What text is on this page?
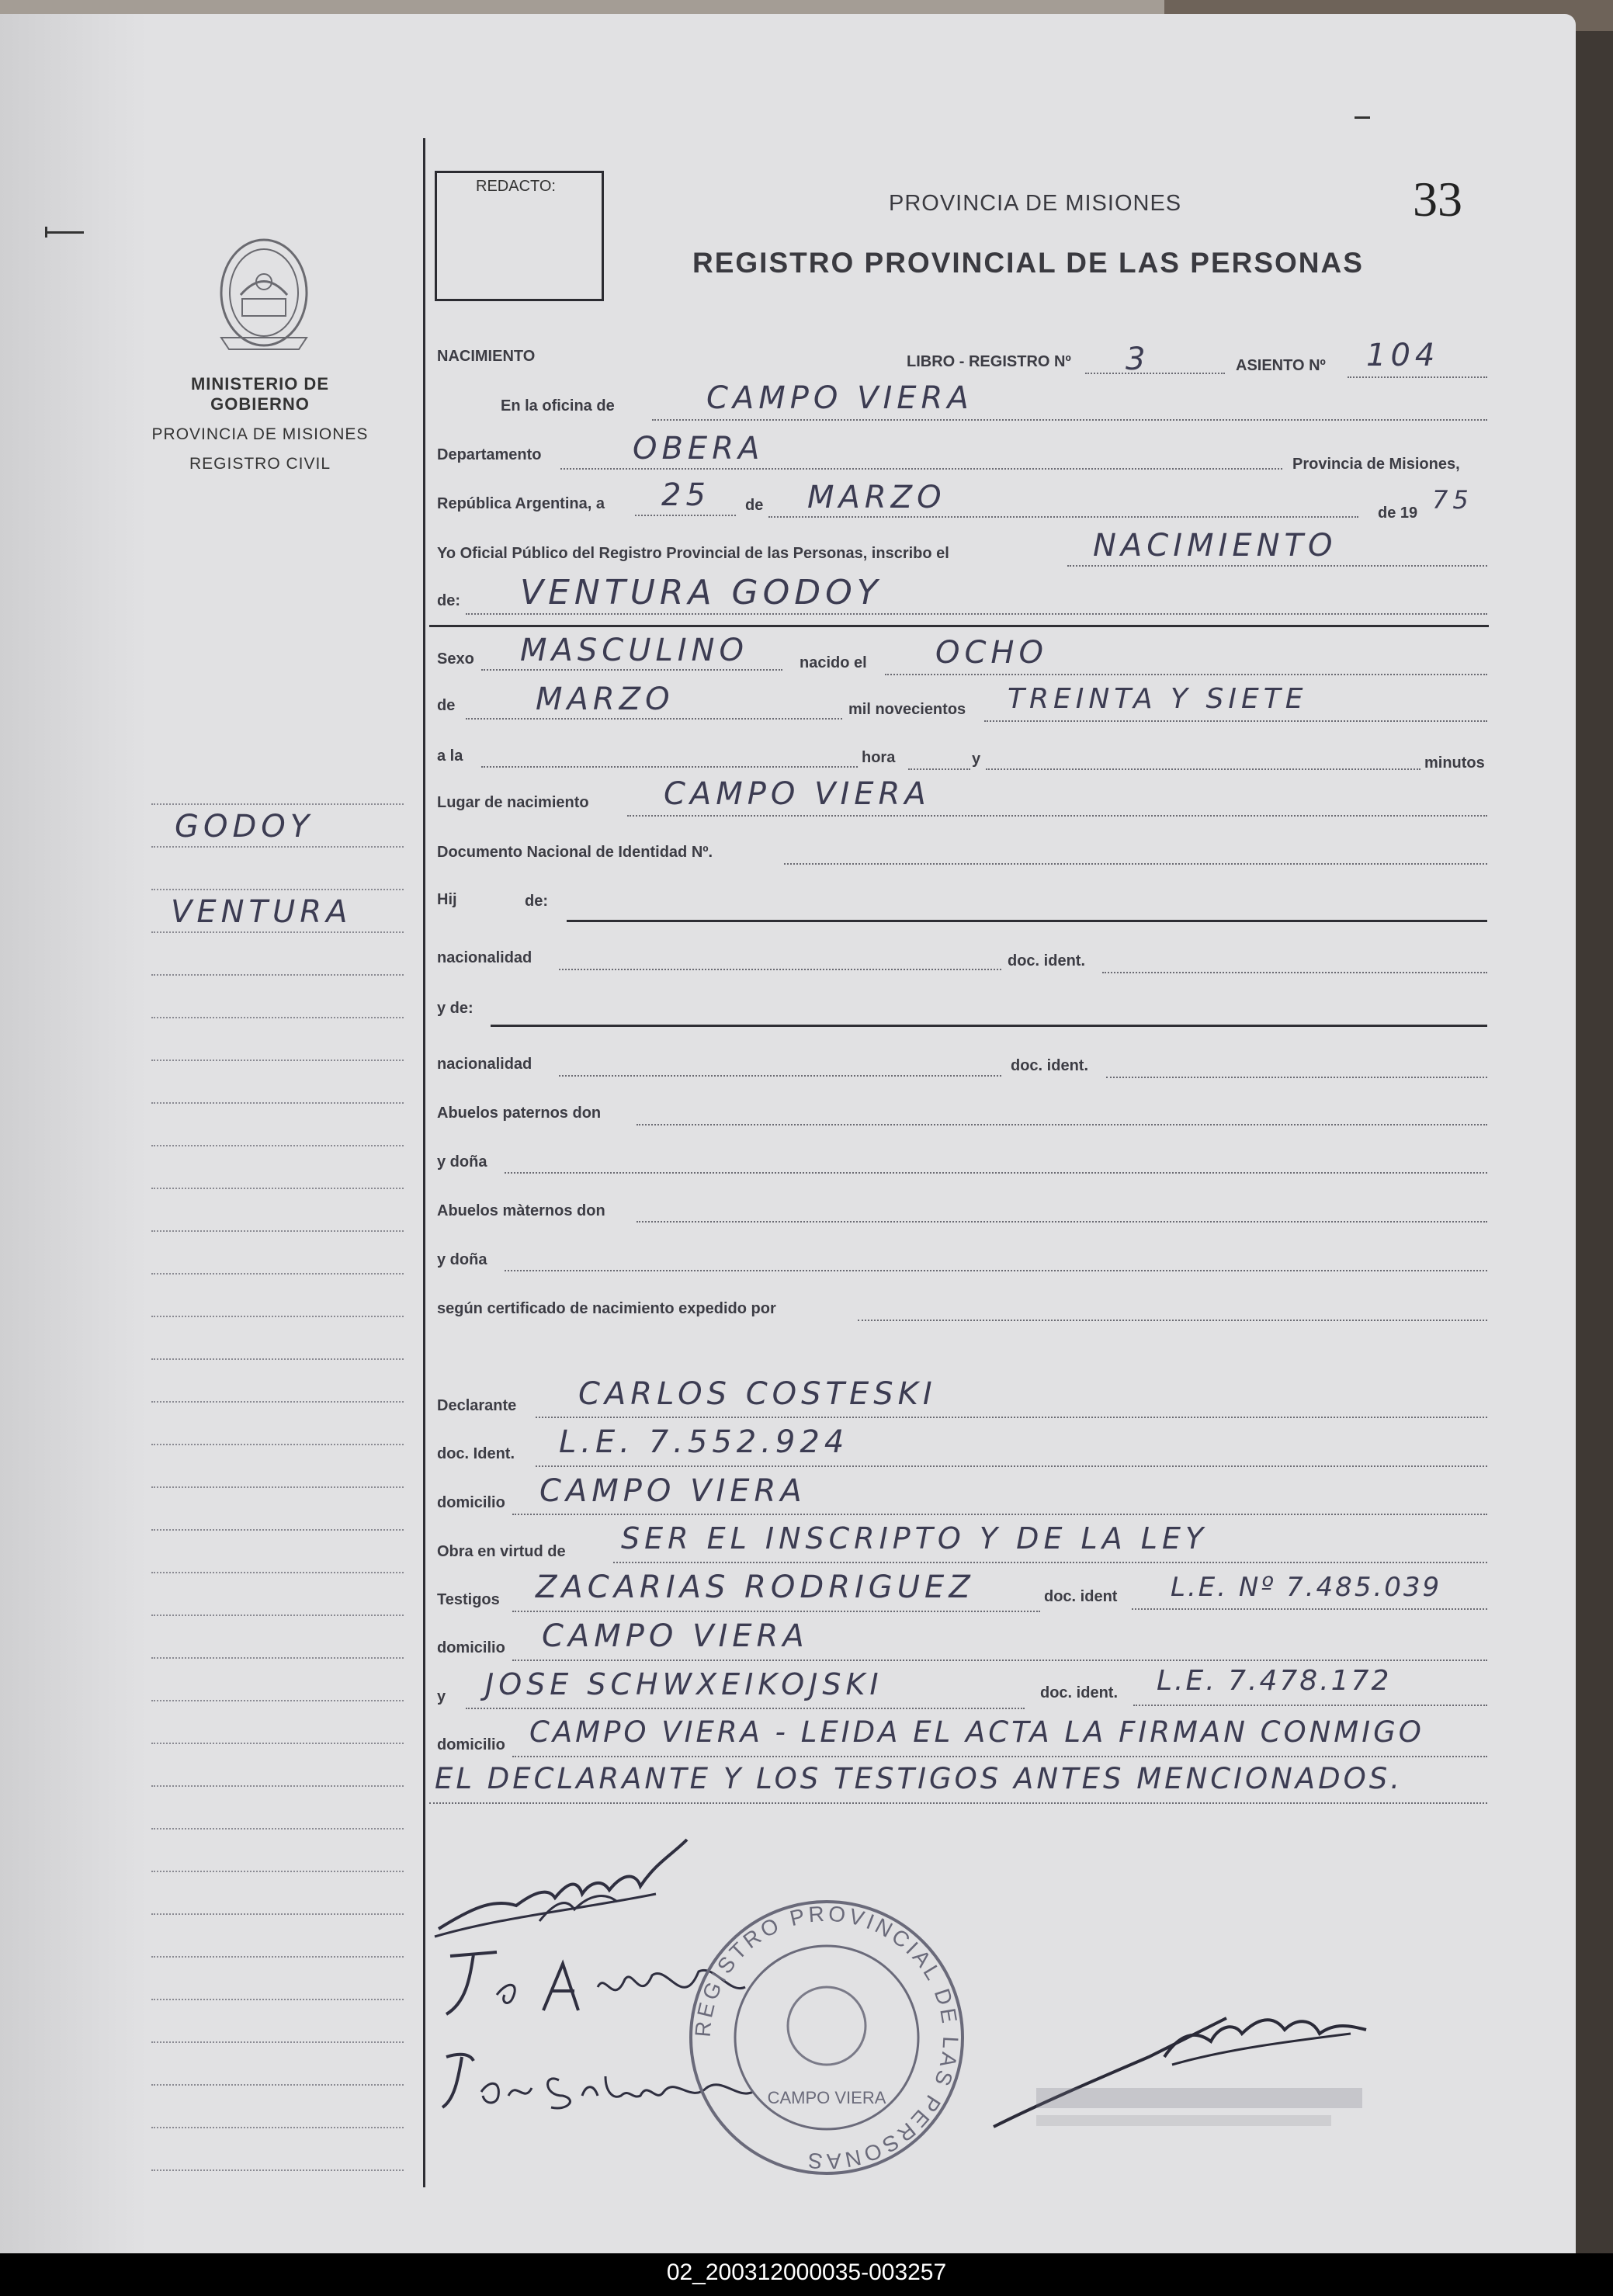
REDACTO:
PROVINCIA DE MISIONES
REGISTRO PROVINCIAL DE LAS PERSONAS
33
MINISTERIO DE GOBIERNO
PROVINCIA DE MISIONES
REGISTRO CIVIL
GODOY
VENTURA
NACIMIENTO	LIBRO - REGISTRO Nº 3	ASIENTO Nº 104
En la oficina de	CAMPO VIERA
Departamento	OBERA	Provincia de Misiones,
República Argentina, a 25 de MARZO	de 19 75
Yo Oficial Público del Registro Provincial de las Personas, inscribo el	NACIMIENTO
de: VENTURA GODOY
Sexo MASCULINO	nacido el OCHO
de	MARZO	mil novecientos TREINTA Y SIETE
a la	hora	y	minutos
Lugar de nacimiento CAMPO VIERA
Documento Nacional de Identidad Nº.
Hij	de:
nacionalidad	doc. ident.
y de:
nacionalidad	doc. ident.
Abuelos paternos don
y doña
Abuelos màternos don
y doña
según certificado de nacimiento expedido por
Declarante CARLOS COSTESKI
doc. Ident. L.E. 7.552.924
domicilio CAMPO VIERA
Obra en virtud de SER EL INSCRIPTO Y DE LA LEY
Testigos ZACARIAS RODRIGUEZ	doc. ident L.E. Nº 7.485.039
domicilio CAMPO VIERA
y JOSE SCHWXEIKOJSKI	doc. ident. L.E. 7.478.172
domicilio CAMPO VIERA - LEIDA EL ACTA LA FIRMAN CONMIGO
EL DECLARANTE Y LOS TESTIGOS ANTES MENCIONADOS.
REGISTRO PROVINCIAL DE LAS PERSONAS
CAMPO VIERA
02_200312000035-003257
